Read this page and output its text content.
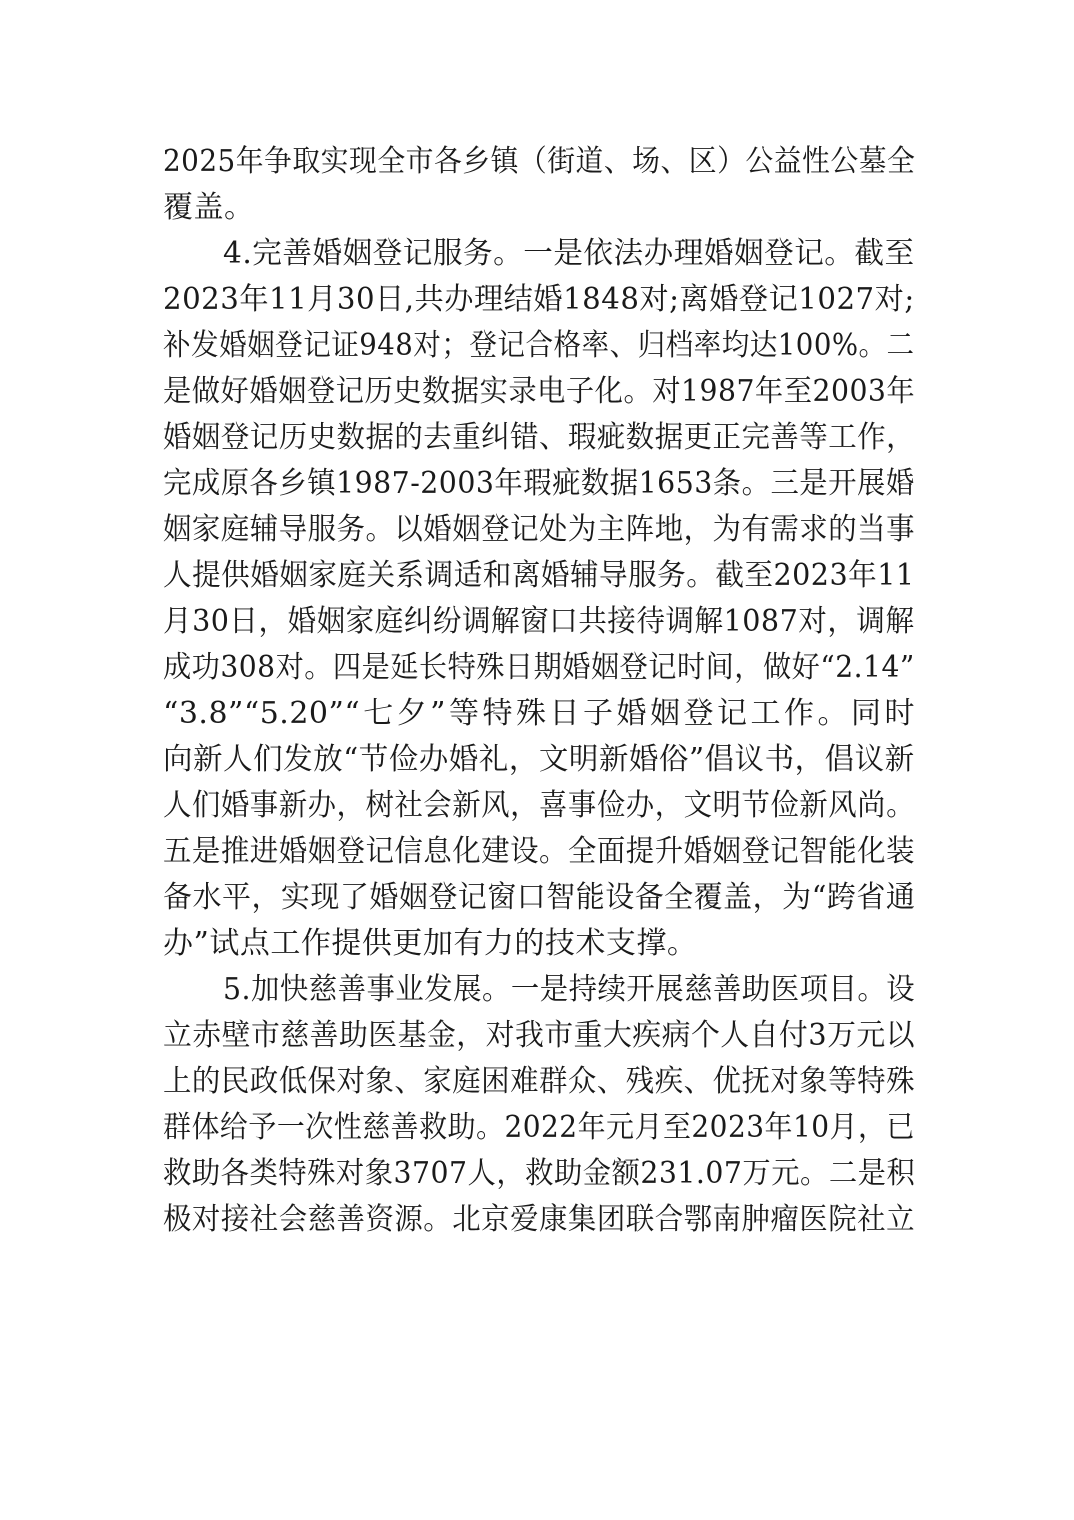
2025年争取实现全市各乡镇（街道、场、区）公益性公墓全
覆盖。
4.完善婚姻登记服务。一是依法办理婚姻登记。截至
2023年11月30日,共办理结婚1848对;离婚登记1027对;
补发婚姻登记证948对；登记合格率、归档率均达100%。二
是做好婚姻登记历史数据实录电子化。对1987年至2003年
婚姻登记历史数据的去重纠错、瑕疵数据更正完善等工作，
完成原各乡镇1987-2003年瑕疵数据1653条。三是开展婚
姻家庭辅导服务。以婚姻登记处为主阵地，为有需求的当事
人提供婚姻家庭关系调适和离婚辅导服务。截至2023年11
月30日，婚姻家庭纠纷调解窗口共接待调解1087对，调解
成功308对。四是延长特殊日期婚姻登记时间，做好“2.14”
“3.8”“5.20”“七夕”等特殊日子婚姻登记工作。同时
向新人们发放“节俭办婚礼，文明新婚俗”倡议书，倡议新
人们婚事新办，树社会新风，喜事俭办，文明节俭新风尚。
五是推进婚姻登记信息化建设。全面提升婚姻登记智能化装
备水平，实现了婚姻登记窗口智能设备全覆盖，为“跨省通
办”试点工作提供更加有力的技术支撑。
5.加快慈善事业发展。一是持续开展慈善助医项目。设
立赤壁市慈善助医基金，对我市重大疾病个人自付3万元以
上的民政低保对象、家庭困难群众、残疾、优抚对象等特殊
群体给予一次性慈善救助。2022年元月至2023年10月，已
救助各类特殊对象3707人，救助金额231.07万元。二是积
极对接社会慈善资源。北京爱康集团联合鄂南肿瘤医院社立
